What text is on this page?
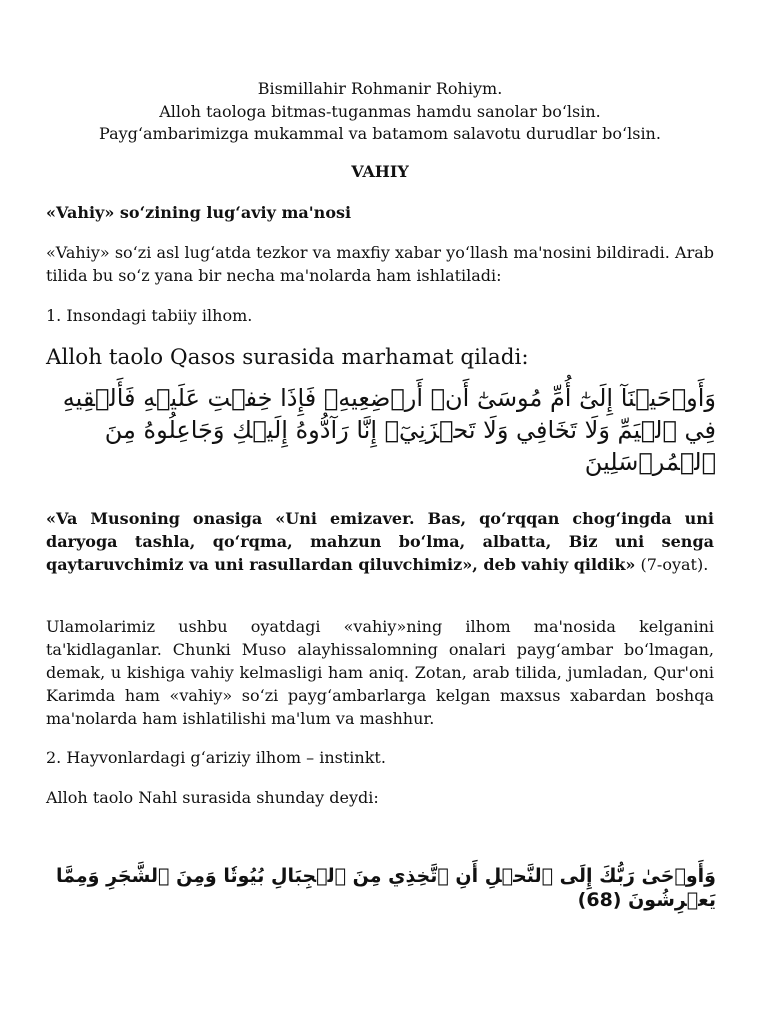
Bismillahir Rohmanir Rohiym.

Alloh taologa bitmas-tuganmas hamdu sanolar bo‘lsin.

Payg‘ambarimizga mukammal va batamom salavotu durudlar bo‘lsin.

VAHIY

«Vahiy» so‘zining lug‘aviy ma'nosi

«Vahiy» so‘zi asl lug‘atda tezkor va maxfiy xabar yo‘llash ma'nosini bildiradi. Arab tilida bu so‘z yana bir necha ma'nolarda ham ishlatiladi:

1. Insondagi tabiiy ilhom.

Alloh taolo Qasos surasida marhamat qiladi:

وَأَوۡحَيۡنَآ إِلَىٰٓ أُمِّ مُوسَىٰٓ أَنۡ أَرۡضِعِيهِۖ فَإِذَا خِفۡتِ عَلَيۡهِ فَأَلۡقِيهِ فِي ٱلۡيَمِّ وَلَا تَخَافِي وَلَا تَحۡزَنِيٓۖ إِنَّا رَآدُّوهُ إِلَيۡكِ وَجَاعِلُوهُ مِنَ ٱلۡمُرۡسَلِينَ

«Va Musoning onasiga «Uni emizaver. Bas, qo‘rqqan chog‘ingda uni daryoga tashla, qo‘rqma, mahzun bo‘lma, albatta, Biz uni senga qaytaruvchimiz va uni rasullardan qiluvchimiz», deb vahiy qildik» (7-oyat).

Ulamolarimiz ushbu oyatdagi «vahiy»ning ilhom ma'nosida kelganini ta'kidlaganlar. Chunki Muso alayhissalomning onalari payg‘ambar bo‘lmagan, demak, u kishiga vahiy kelmasligi ham aniq. Zotan, arab tilida, jumladan, Qur'oni Karimda ham «vahiy» so‘zi payg‘ambarlarga kelgan maxsus xabardan boshqa ma'nolarda ham ishlatilishi ma'lum va mashhur.

2. Hayvonlardagi g‘ariziy ilhom – instinkt.

Alloh taolo Nahl surasida shunday deydi:

وَأَوۡحَىٰ رَبُّكَ إِلَى ٱلنَّحۡلِ أَنِ ٱتَّخِذِي مِنَ ٱلۡجِبَالِ بُيُوتٗا وَمِنَ ٱلشَّجَرِ وَمِمَّا يَعۡرِشُونَ (68)
